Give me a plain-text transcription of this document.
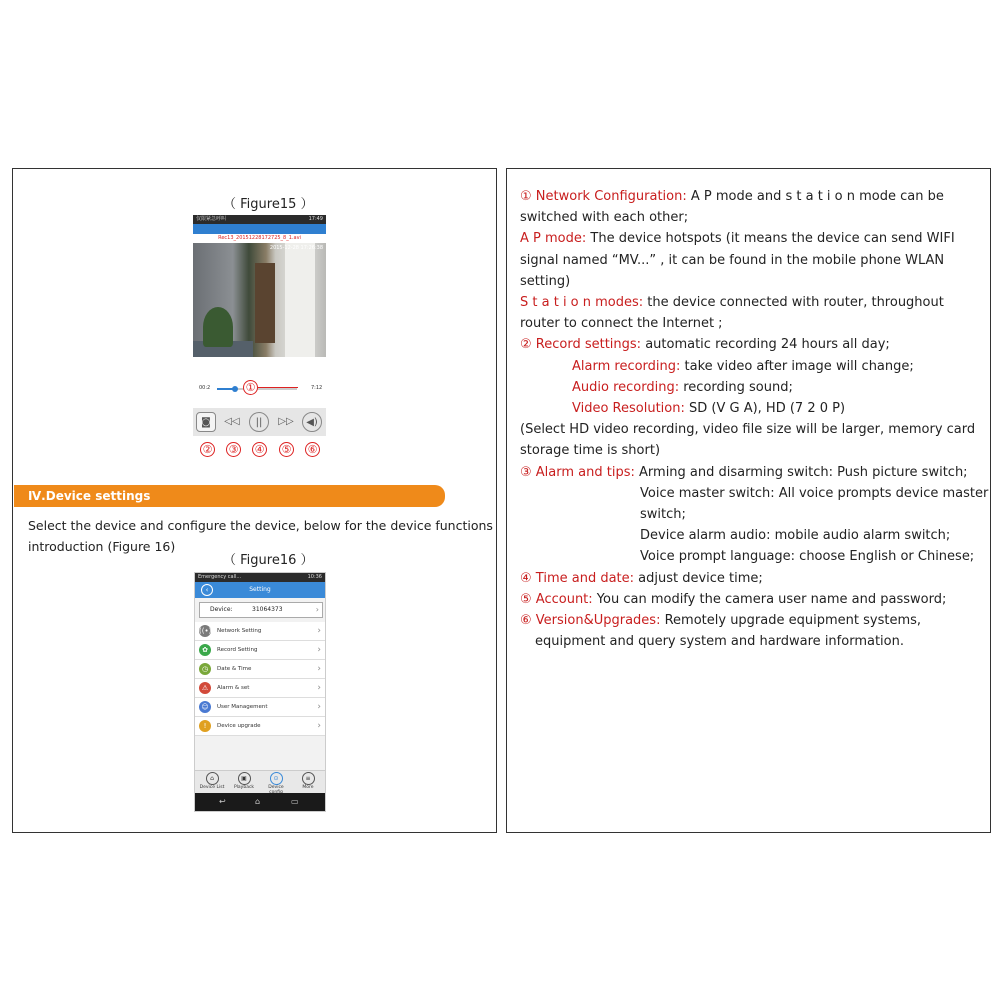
（ Figure15 ）
仅限紧急呼叫	17:49
Rec13_20151228172725_8_1.avi
2015-12-28 17:26:38
00:2	7:12
①
◙	◁◁	||	▷▷	◀)
② ③ ④ ⑤ ⑥
Ⅳ.Device settings
Select the device and configure the device, below for the device functions introduction (Figure 16)
（ Figure16 ）
Emergency call...	10:36
‹	Setting
Device:	31064373	›
((•)) Network Setting	›
✿	Record Setting	›
◷	Date & Time	›
⚠	Alarm & set	›
☺	User Management	›
!	Device upgrade	›
⌂
Device List
▣
Playback
⊙
Device
≡
More
↩	⌂	▭
① Network Configuration: A P mode and s t a t i o n mode can be
switched with each other;
A P mode: The device hotspots (it means the device can send WIFI
signal named “MV...” , it can be found in the mobile phone WLAN
setting)
S t a t i o n modes: the device connected with router, throughout
router to connect the Internet ;
② Record settings: automatic recording 24 hours all day;
Alarm recording: take video after image will change;
Audio recording: recording sound;
Video Resolution: SD (V G A), HD (7 2 0 P)
(Select HD video recording, video file size will be larger, memory card
storage time is short)
③ Alarm and tips: Arming and disarming switch: Push picture switch;
Voice master switch: All voice prompts device master
switch;
Device alarm audio: mobile audio alarm switch;
Voice prompt language: choose English or Chinese;
④ Time and date: adjust device time;
⑤ Account: You can modify the camera user name and password;
⑥ Version&Upgrades: Remotely upgrade equipment systems,
equipment and query system and hardware information.
